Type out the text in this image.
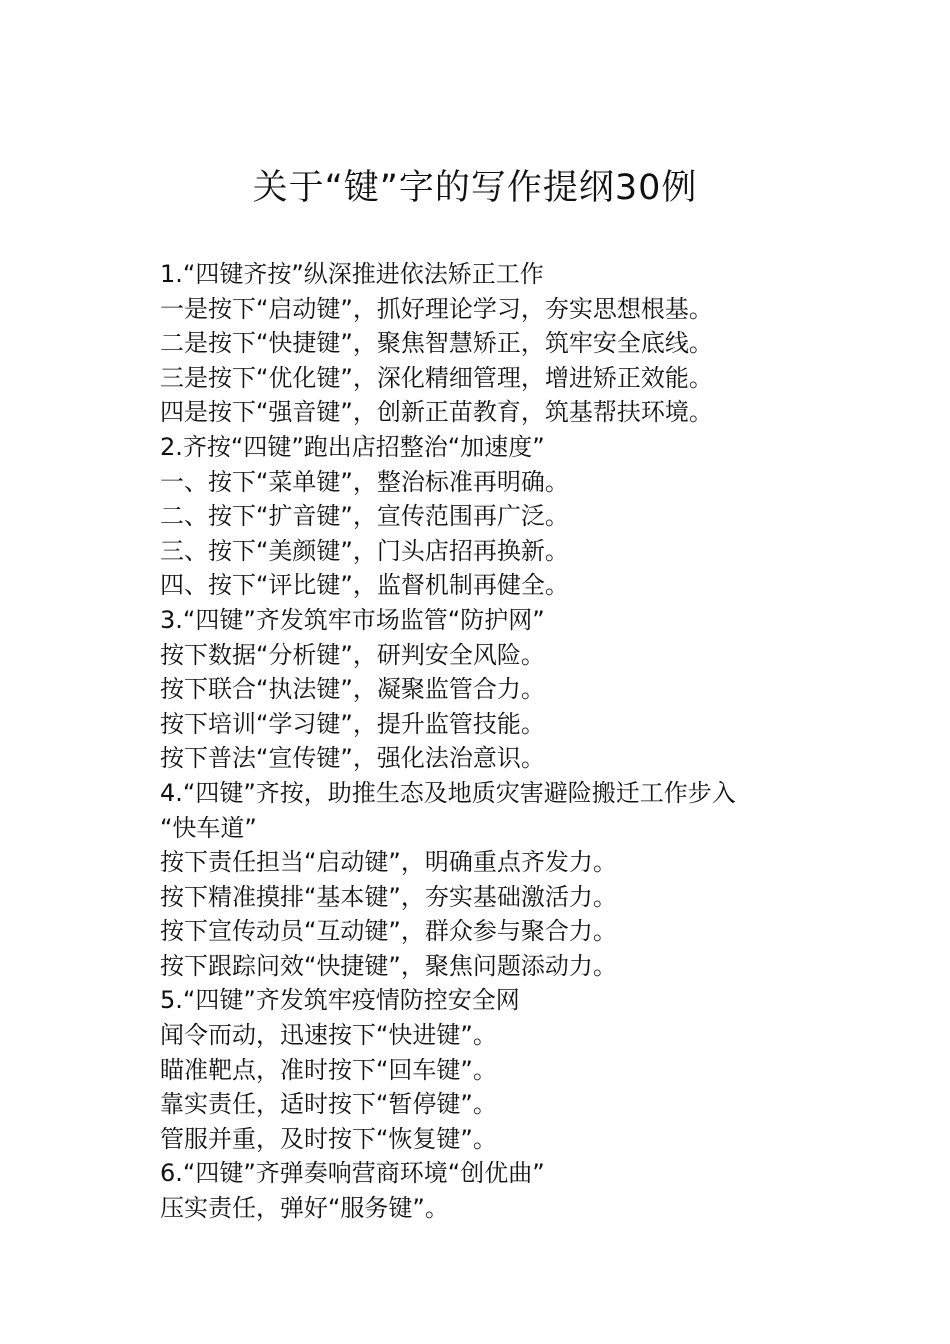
关于“键”字的写作提纲30例
1.“四键齐按”纵深推进依法矫正工作
一是按下“启动键”，抓好理论学习，夯实思想根基。
二是按下“快捷键”，聚焦智慧矫正，筑牢安全底线。
三是按下“优化键”，深化精细管理，增进矫正效能。
四是按下“强音键”，创新正苗教育，筑基帮扶环境。
2.齐按“四键”跑出店招整治“加速度”
一、按下“菜单键”，整治标准再明确。
二、按下“扩音键”，宣传范围再广泛。
三、按下“美颜键”，门头店招再换新。
四、按下“评比键”，监督机制再健全。
3.“四键”齐发筑牢市场监管“防护网”
按下数据“分析键”，研判安全风险。
按下联合“执法键”，凝聚监管合力。
按下培训“学习键”，提升监管技能。
按下普法“宣传键”，强化法治意识。
4.“四键”齐按，助推生态及地质灾害避险搬迁工作步入
“快车道”
按下责任担当“启动键”，明确重点齐发力。
按下精准摸排“基本键”，夯实基础激活力。
按下宣传动员“互动键”，群众参与聚合力。
按下跟踪问效“快捷键”，聚焦问题添动力。
5.“四键”齐发筑牢疫情防控安全网
闻令而动，迅速按下“快进键”。
瞄准靶点，准时按下“回车键”。
靠实责任，适时按下“暂停键”。
管服并重，及时按下“恢复键”。
6.“四键”齐弹奏响营商环境“创优曲”
压实责任，弹好“服务键”。
